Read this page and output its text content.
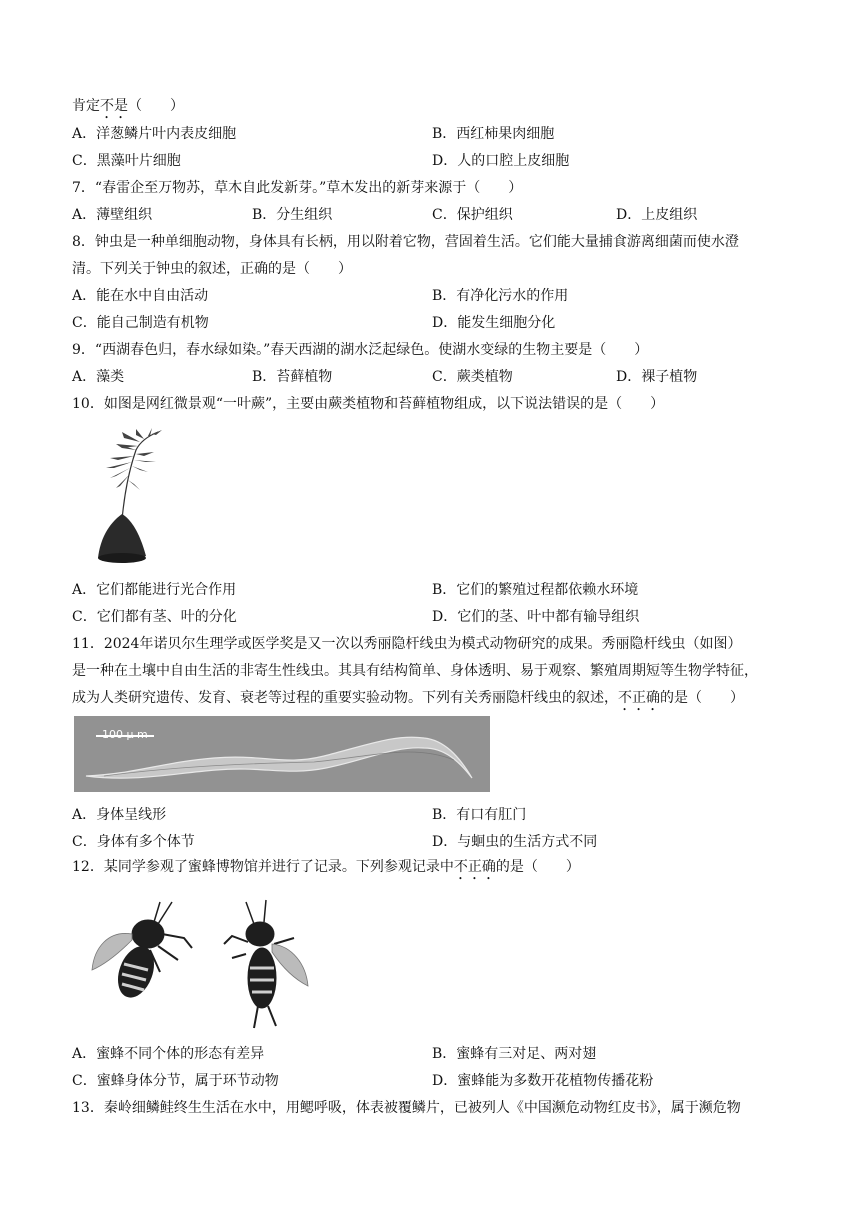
肯定不是（　　）
A．洋葱鳞片叶内表皮细胞	B．西红柿果肉细胞
C．黑藻叶片细胞	D．人的口腔上皮细胞
7．“春雷企至万物苏，草木自此发新芽。”草木发出的新芽来源于（　　）
A．薄壁组织	B．分生组织	C．保护组织	D．上皮组织
8．钟虫是一种单细胞动物，身体具有长柄，用以附着它物，营固着生活。它们能大量捕食游离细菌而使水澄
清。下列关于钟虫的叙述，正确的是（　　）
A．能在水中自由活动	B．有净化污水的作用
C．能自己制造有机物	D．能发生细胞分化
9．“西湖春色归，春水绿如染。”春天西湖的湖水泛起绿色。使湖水变绿的生物主要是（　　）
A．藻类	B．苔藓植物	C．蕨类植物	D．裸子植物
10．如图是网红微景观“一叶蕨”，主要由蕨类植物和苔藓植物组成，以下说法错误的是（　　）
A．它们都能进行光合作用	B．它们的繁殖过程都依赖水环境
C．它们都有茎、叶的分化	D．它们的茎、叶中都有输导组织
11．2024年诺贝尔生理学或医学奖是又一次以秀丽隐杆线虫为模式动物研究的成果。秀丽隐杆线虫（如图）
是一种在土壤中自由生活的非寄生性线虫。其具有结构简单、身体透明、易于观察、繁殖周期短等生物学特征，
成为人类研究遗传、发育、衰老等过程的重要实验动物。下列有关秀丽隐杆线虫的叙述，不正确的是（　　）
100 μ m
A．身体呈线形	B．有口有肛门
C．身体有多个体节	D．与蛔虫的生活方式不同
12．某同学参观了蜜蜂博物馆并进行了记录。下列参观记录中不正确的是（　　）
A．蜜蜂不同个体的形态有差异	B．蜜蜂有三对足、两对翅
C．蜜蜂身体分节，属于环节动物	D．蜜蜂能为多数开花植物传播花粉
13．秦岭细鳞鲑终生生活在水中，用鳃呼吸，体表被覆鳞片，已被列人《中国濒危动物红皮书》，属于濒危物
